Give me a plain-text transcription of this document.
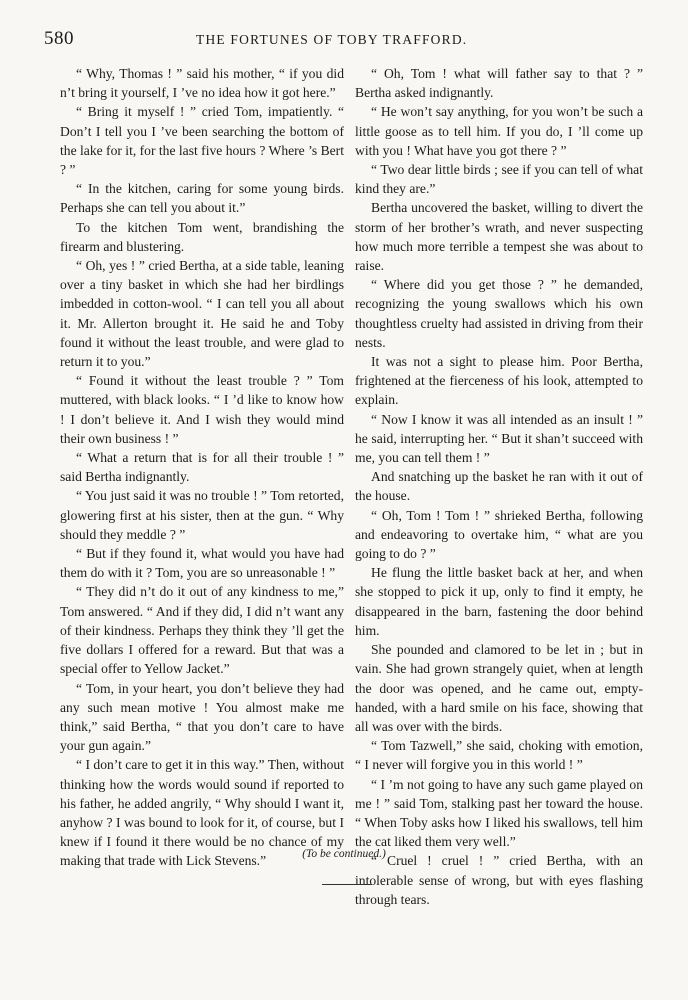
580	THE FORTUNES OF TOBY TRAFFORD.

“ Why, Thomas ! ” said his mother, “ if you did n’t bring it yourself, I ’ve no idea how it got here.”

“ Bring it myself ! ” cried Tom, impatiently. “ Don’t I tell you I ’ve been searching the bottom of the lake for it, for the last five hours ? Where ’s Bert ? ”

“ In the kitchen, caring for some young birds. Perhaps she can tell you about it.”

To the kitchen Tom went, brandishing the firearm and blustering.

“ Oh, yes ! ” cried Bertha, at a side table, leaning over a tiny basket in which she had her birdlings imbedded in cotton-wool. “ I can tell you all about it. Mr. Allerton brought it. He said he and Toby found it without the least trouble, and were glad to return it to you.”

“ Found it without the least trouble ? ” Tom muttered, with black looks. “ I ’d like to know how ! I don’t believe it. And I wish they would mind their own business ! ”

“ What a return that is for all their trouble ! ” said Bertha indignantly.

“ You just said it was no trouble ! ” Tom retorted, glowering first at his sister, then at the gun. “ Why should they meddle ? ”

“ But if they found it, what would you have had them do with it ? Tom, you are so unreasonable ! ”

“ They did n’t do it out of any kindness to me,” Tom answered. “ And if they did, I did n’t want any of their kindness. Perhaps they think they ’ll get the five dollars I offered for a reward. But that was a special offer to Yellow Jacket.”

“ Tom, in your heart, you don’t believe they had any such mean motive ! You almost make me think,” said Bertha, “ that you don’t care to have your gun again.”

“ I don’t care to get it in this way.” Then, without thinking how the words would sound if reported to his father, he added angrily, “ Why should I want it, anyhow ? I was bound to look for it, of course, but I knew if I found it there would be no chance of my making that trade with Lick Stevens.”

“ Oh, Tom ! what will father say to that ? ” Bertha asked indignantly.

“ He won’t say anything, for you won’t be such a little goose as to tell him. If you do, I ’ll come up with you ! What have you got there ? ”

“ Two dear little birds ; see if you can tell of what kind they are.”

Bertha uncovered the basket, willing to divert the storm of her brother’s wrath, and never suspecting how much more terrible a tempest she was about to raise.

“ Where did you get those ? ” he demanded, recognizing the young swallows which his own thoughtless cruelty had assisted in driving from their nests.

It was not a sight to please him. Poor Bertha, frightened at the fierceness of his look, attempted to explain.

“ Now I know it was all intended as an insult ! ” he said, interrupting her. “ But it shan’t succeed with me, you can tell them ! ”

And snatching up the basket he ran with it out of the house.

“ Oh, Tom ! Tom ! ” shrieked Bertha, following and endeavoring to overtake him, “ what are you going to do ? ”

He flung the little basket back at her, and when she stopped to pick it up, only to find it empty, he disappeared in the barn, fastening the door behind him.

She pounded and clamored to be let in ; but in vain. She had grown strangely quiet, when at length the door was opened, and he came out, empty-handed, with a hard smile on his face, showing that all was over with the birds.

“ Tom Tazwell,” she said, choking with emotion, “ I never will forgive you in this world ! ”

“ I ’m not going to have any such game played on me ! ” said Tom, stalking past her toward the house. “ When Toby asks how I liked his swallows, tell him the cat liked them very well.”

“ Cruel ! cruel ! ” cried Bertha, with an intolerable sense of wrong, but with eyes flashing through tears.

(To be continued.)
